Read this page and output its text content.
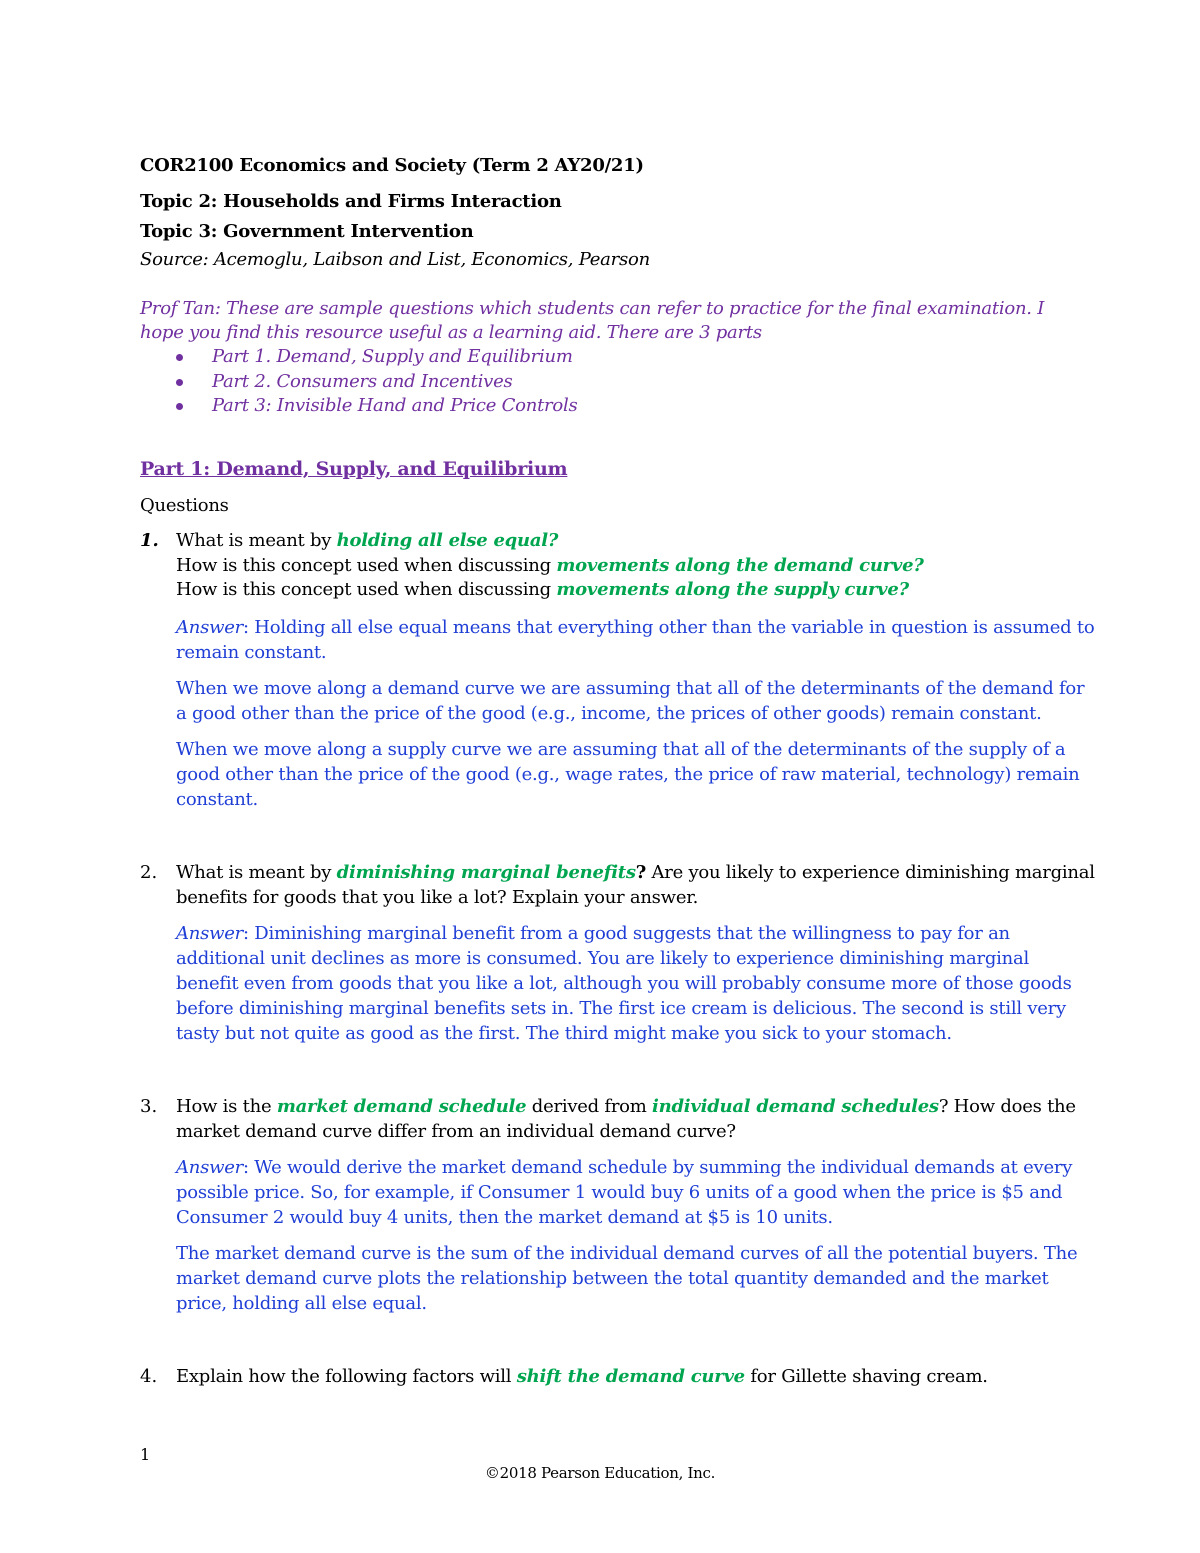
COR2100 Economics and Society (Term 2 AY20/21)
Topic 2: Households and Firms Interaction
Topic 3: Government Intervention
Source: Acemoglu, Laibson and List, Economics, Pearson
Prof Tan: These are sample questions which students can refer to practice for the final examination. I
hope you find this resource useful as a learning aid. There are 3 parts
Part 1. Demand, Supply and Equilibrium
Part 2. Consumers and Incentives
Part 3: Invisible Hand and Price Controls
Part 1: Demand, Supply, and Equilibrium
Questions
1. What is meant by holding all else equal?
How is this concept used when discussing movements along the demand curve?
How is this concept used when discussing movements along the supply curve?
Answer: Holding all else equal means that everything other than the variable in question is assumed to
remain constant.
When we move along a demand curve we are assuming that all of the determinants of the demand for
a good other than the price of the good (e.g., income, the prices of other goods) remain constant.
When we move along a supply curve we are assuming that all of the determinants of the supply of a
good other than the price of the good (e.g., wage rates, the price of raw material, technology) remain
constant.
2. What is meant by diminishing marginal benefits? Are you likely to experience diminishing marginal
benefits for goods that you like a lot? Explain your answer.
Answer: Diminishing marginal benefit from a good suggests that the willingness to pay for an
additional unit declines as more is consumed. You are likely to experience diminishing marginal
benefit even from goods that you like a lot, although you will probably consume more of those goods
before diminishing marginal benefits sets in. The first ice cream is delicious. The second is still very
tasty but not quite as good as the first. The third might make you sick to your stomach.
3. How is the market demand schedule derived from individual demand schedules? How does the
market demand curve differ from an individual demand curve?
Answer: We would derive the market demand schedule by summing the individual demands at every
possible price. So, for example, if Consumer 1 would buy 6 units of a good when the price is $5 and
Consumer 2 would buy 4 units, then the market demand at $5 is 10 units.
The market demand curve is the sum of the individual demand curves of all the potential buyers. The
market demand curve plots the relationship between the total quantity demanded and the market
price, holding all else equal.
4. Explain how the following factors will shift the demand curve for Gillette shaving cream.
1
©2018 Pearson Education, Inc.
